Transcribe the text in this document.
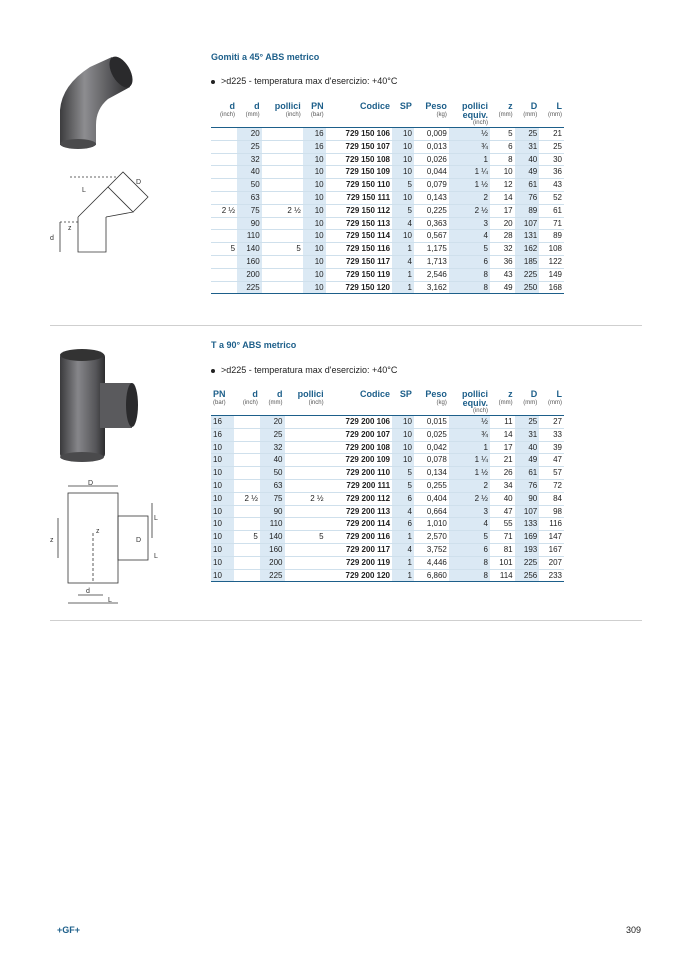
Gomiti a 45° ABS metrico
>d225 - temperatura max d'esercizio: +40°C
D
L
z
d
d	d	pollici	PN	Codice	SP	Peso	pollici	z	D	L
(inch)	(mm)	(inch)	(bar)			(kg)	equiv.
(inch)	(mm)	(mm)	(mm)
	20		16	729 150 106	10	0,009	½	5	25	21
	25		16	729 150 107	10	0,013	¾	6	31	25
	32		10	729 150 108	10	0,026	1	8	40	30
	40		10	729 150 109	10	0,044	1 ¼	10	49	36
	50		10	729 150 110	5	0,079	1 ½	12	61	43
	63		10	729 150 111	10	0,143	2	14	76	52
2 ½	75	2 ½	10	729 150 112	5	0,225	2 ½	17	89	61
	90		10	729 150 113	4	0,363	3	20	107	71
	110		10	729 150 114	10	0,567	4	28	131	89
5	140	5	10	729 150 116	1	1,175	5	32	162	108
	160		10	729 150 117	4	1,713	6	36	185	122
	200		10	729 150 119	1	2,546	8	43	225	149
	225		10	729 150 120	1	3,162	8	49	250	168
T a 90° ABS metrico
>d225 - temperatura max d'esercizio: +40°C
D
L
z
z	D
d
L
L
PN	d	d	pollici	Codice	SP	Peso	pollici	z	D	L
(bar)	(inch)	(mm)	(inch)			(kg)	equiv.
(inch)	(mm)	(mm)	(mm)
16		20		729 200 106	10	0,015	½	11	25	27
16		25		729 200 107	10	0,025	¾	14	31	33
10		32		729 200 108	10	0,042	1	17	40	39
10		40		729 200 109	10	0,078	1 ¼	21	49	47
10		50		729 200 110	5	0,134	1 ½	26	61	57
10		63		729 200 111	5	0,255	2	34	76	72
10	2 ½	75	2 ½	729 200 112	6	0,404	2 ½	40	90	84
10		90		729 200 113	4	0,664	3	47	107	98
10		110		729 200 114	6	1,010	4	55	133	116
10	5	140	5	729 200 116	1	2,570	5	71	169	147
10		160		729 200 117	4	3,752	6	81	193	167
10		200		729 200 119	1	4,446	8	101	225	207
10		225		729 200 120	1	6,860	8	114	256	233
+GF+	309
